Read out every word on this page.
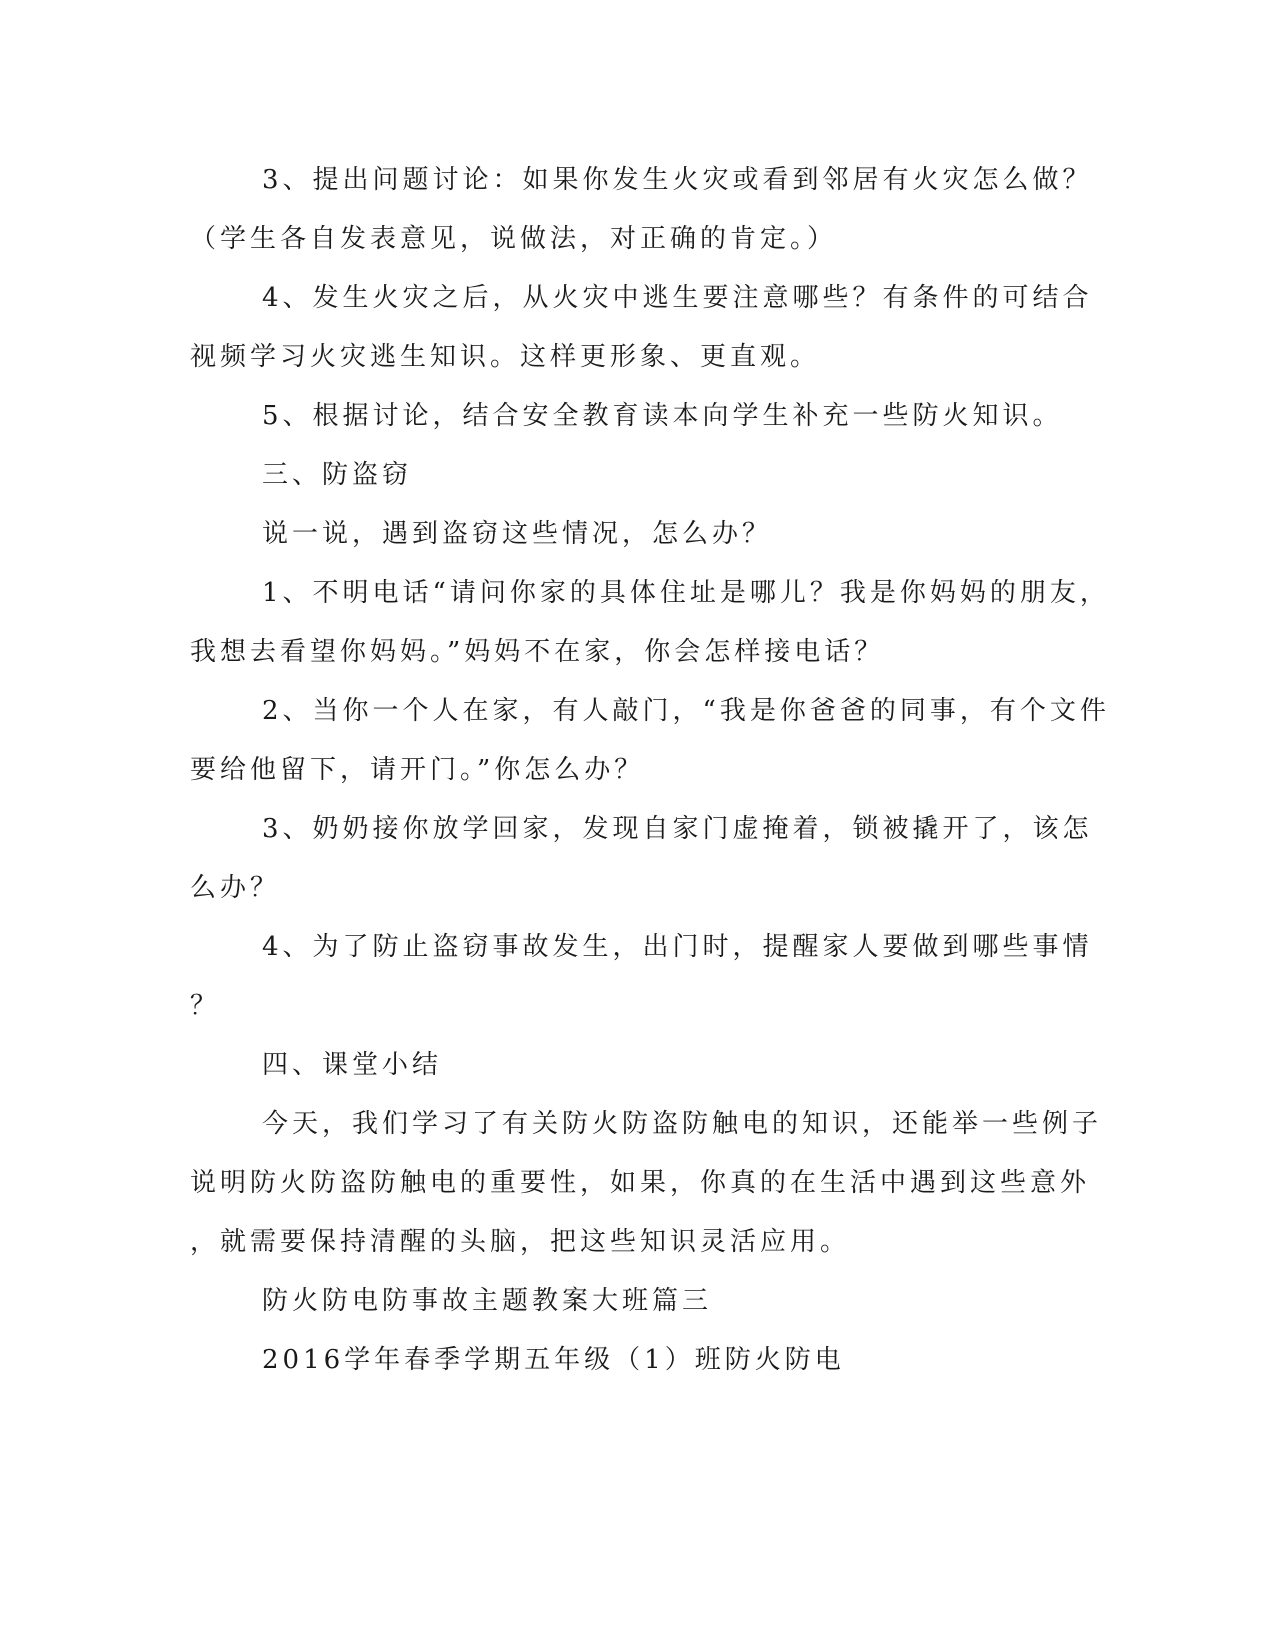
3、提出问题讨论：如果你发生火灾或看到邻居有火灾怎么做？
（学生各自发表意见，说做法，对正确的肯定。）
4、发生火灾之后，从火灾中逃生要注意哪些？有条件的可结合
视频学习火灾逃生知识。这样更形象、更直观。
5、根据讨论，结合安全教育读本向学生补充一些防火知识。
三、防盗窃
说一说，遇到盗窃这些情况，怎么办？
1、不明电话“请问你家的具体住址是哪儿？我是你妈妈的朋友，
我想去看望你妈妈。”妈妈不在家，你会怎样接电话？
2、当你一个人在家，有人敲门，“我是你爸爸的同事，有个文件
要给他留下，请开门。”你怎么办？
3、奶奶接你放学回家，发现自家门虚掩着，锁被撬开了，该怎
么办？
4、为了防止盗窃事故发生，出门时，提醒家人要做到哪些事情
？
四、课堂小结
今天，我们学习了有关防火防盗防触电的知识，还能举一些例子
说明防火防盗防触电的重要性，如果，你真的在生活中遇到这些意外
，就需要保持清醒的头脑，把这些知识灵活应用。
防火防电防事故主题教案大班篇三
2016学年春季学期五年级（1）班防火防电
